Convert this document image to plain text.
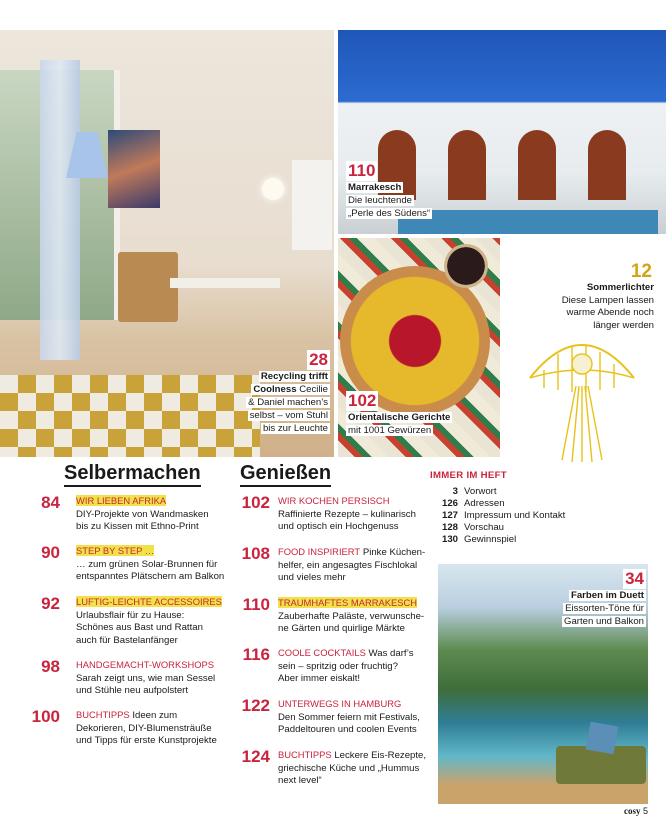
110
Marrakesch
Die leuchtende
„Perle des Südens“
102
Orientalische Gerichte
mit 1001 Gewürzen
28
Recycling trifft
Coolness Cecilie
& Daniel machen’s
selbst – vom Stuhl
bis zur Leuchte
12
Sommerlichter
Diese Lampen lassen
warme Abende noch
länger werden
34
Farben im Duett
Eissorten-Töne für
Garten und Balkon
Selbermachen Genießen
84 WIR LIEBEN AFRIKA
DIY-Projekte von Wandmasken
bis zu Kissen mit Ethno-Print
90 STEP BY STEP …
… zum grünen Solar-Brunnen für
entspanntes Plätschern am Balkon
92 LUFTIG-LEICHTE ACCESSOIRES
Urlaubsflair für zu Hause:
Schönes aus Bast und Rattan
auch für Bastelanfänger
98 HANDGEMACHT-WORKSHOPS
Sarah zeigt uns, wie man Sessel
und Stühle neu aufpolstert
100 BUCHTIPPS Ideen zum
Dekorieren, DIY-Blumensträuße
und Tipps für erste Kunstprojekte
102 WIR KOCHEN PERSISCH
Raffinierte Rezepte – kulinarisch
und optisch ein Hochgenuss
108 FOOD INSPIRIERT Pinke Küchen-
helfer, ein angesagtes Fischlokal
und vieles mehr
110 TRAUMHAFTES MARRAKESCH
Zauberhafte Paläste, verwunsche-
ne Gärten und quirlige Märkte
116 COOLE COCKTAILS Was darf’s
sein – spritzig oder fruchtig?
Aber immer eiskalt!
122 UNTERWEGS IN HAMBURG
Den Sommer feiern mit Festivals,
Paddeltouren und coolen Events
124 BUCHTIPPS Leckere Eis-Rezepte,
griechische Küche und „Hummus
next level“
IMMER IM HEFT
3 Vorwort
126 Adressen
127 Impressum und Kontakt
128 Vorschau
130 Gewinnspiel
cosy 5
